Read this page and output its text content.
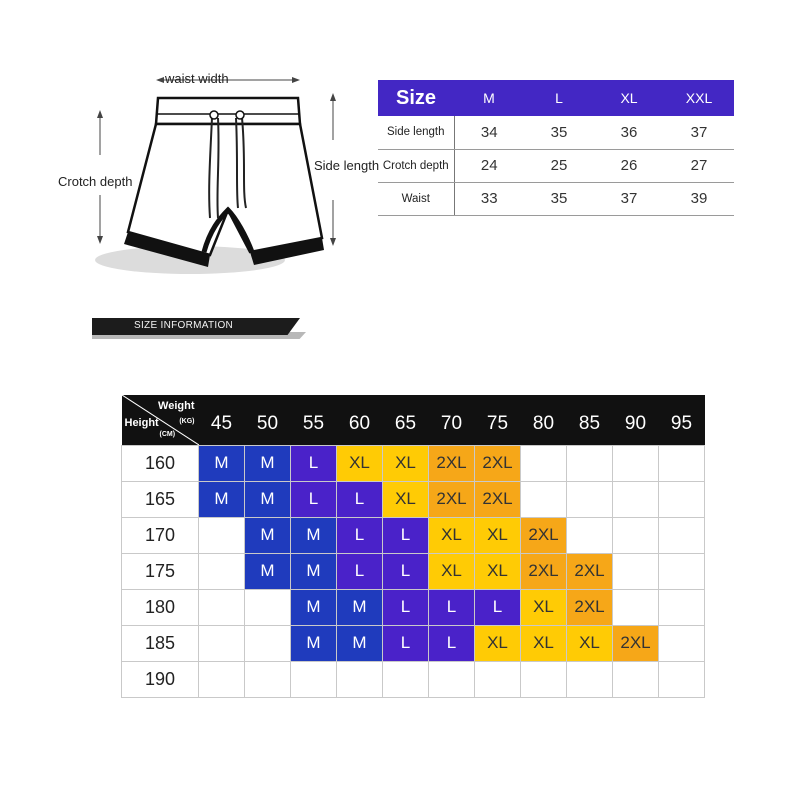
waist width
Crotch depth
Side length
SIZE INFORMATION
Size	M	L	XL	XXL
Side length	34	35	36	37
Crotch depth	24	25	26	27
Waist	33	35	37	39
Weight
(KG)
Height
(CM)	45	50	55	60	65	70	75	80	85	90	95
160	M	M	L	XL	XL	2XL	2XL				
165	M	M	L	L	XL	2XL	2XL				
170		M	M	L	L	XL	XL	2XL			
175		M	M	L	L	XL	XL	2XL	2XL		
180			M	M	L	L	L	XL	2XL		
185			M	M	L	L	XL	XL	XL	2XL	
190											
